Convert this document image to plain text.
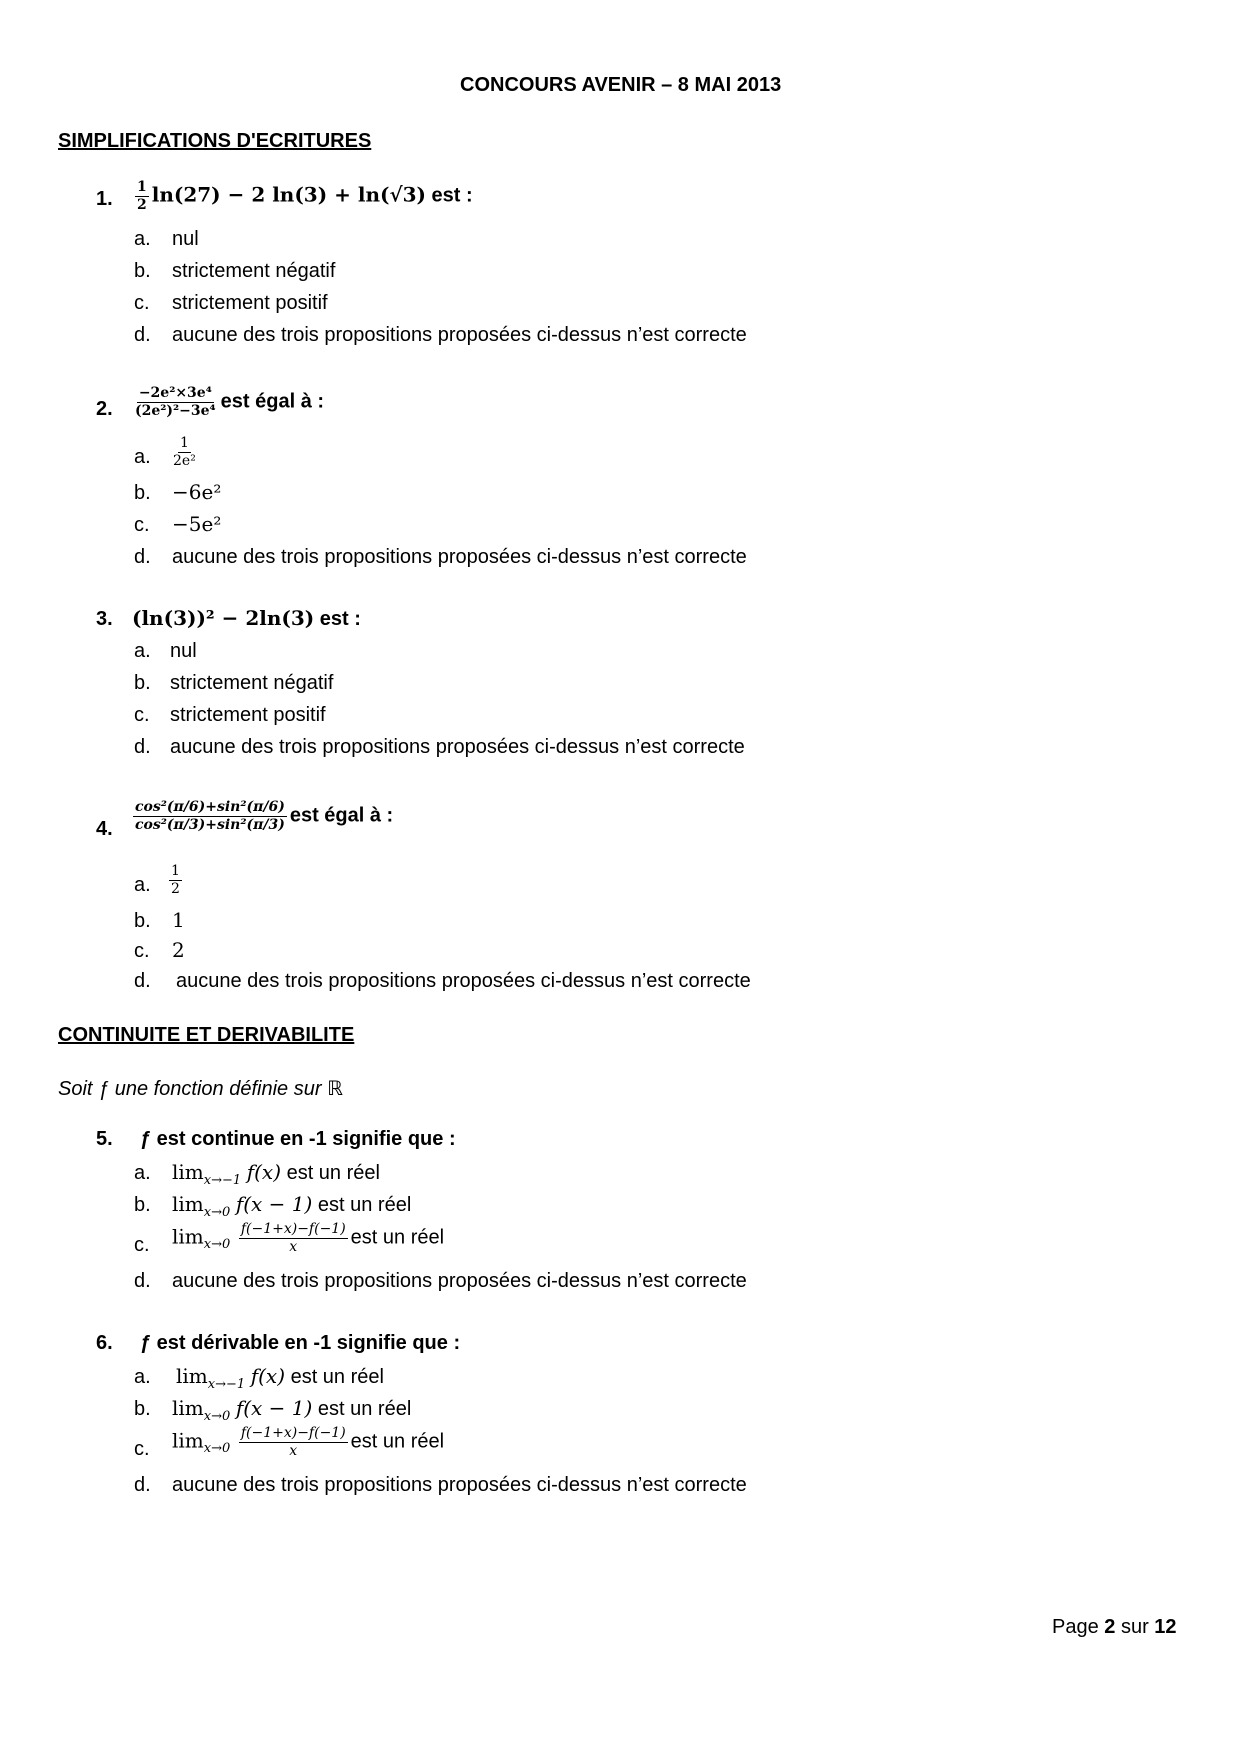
CONCOURS AVENIR – 8 MAI 2013
SIMPLIFICATIONS D'ECRITURES
1. $\frac{1}{2} \ln(27) - 2$ ln(3) + ln⁡(√3) est :
a. nul
b. strictement négatif
c. strictement positif
d. aucune des trois propositions proposées ci-dessus n’est correcte
2. $\frac{\text{−2e²×3e⁴}}{\text{(2e²)²−3e⁴}}$ est égal à :
a. $\frac{1}{\text{2e²}}$
b. −6e²
c. −5e²
d. aucune des trois propositions proposées ci-dessus n’est correcte
3. (ln⁡(3))² − 2ln⁡(3) est :
a. nul
b. strictement négatif
c. strictement positif
d. aucune des trois propositions proposées ci-dessus n’est correcte
4. $\frac{\text{cos²(π/6)+sin²(π/6)}}{\text{cos²(π/3)+sin²(π/3)}}$ est égal à :
a. $\frac{1}{2}$
b. 1
c. 2
d. aucune des trois propositions proposées ci-dessus n’est correcte
CONTINUITE ET DERIVABILITE
Soit ƒ une fonction définie sur ℝ
5. ƒ est continue en -1 signifie que :
a. $\lim_{x\to-1} f(x)$ est un réel
b. $\lim_{x\to 0} f(x - 1)$ est un réel
c. $\lim_{x\to 0} \frac{f(-1+x)-f(-1)}{x}$ est un réel
d. aucune des trois propositions proposées ci-dessus n’est correcte
6. ƒ est dérivable en -1 signifie que :
a. $\lim_{x\to-1} f(x)$ est un réel
b. $\lim_{x\to 0} f(x - 1)$ est un réel
c. $\lim_{x\to 0} \frac{f(-1+x)-f(-1)}{x}$ est un réel
d. aucune des trois propositions proposées ci-dessus n’est correcte
Page 2 sur 12
